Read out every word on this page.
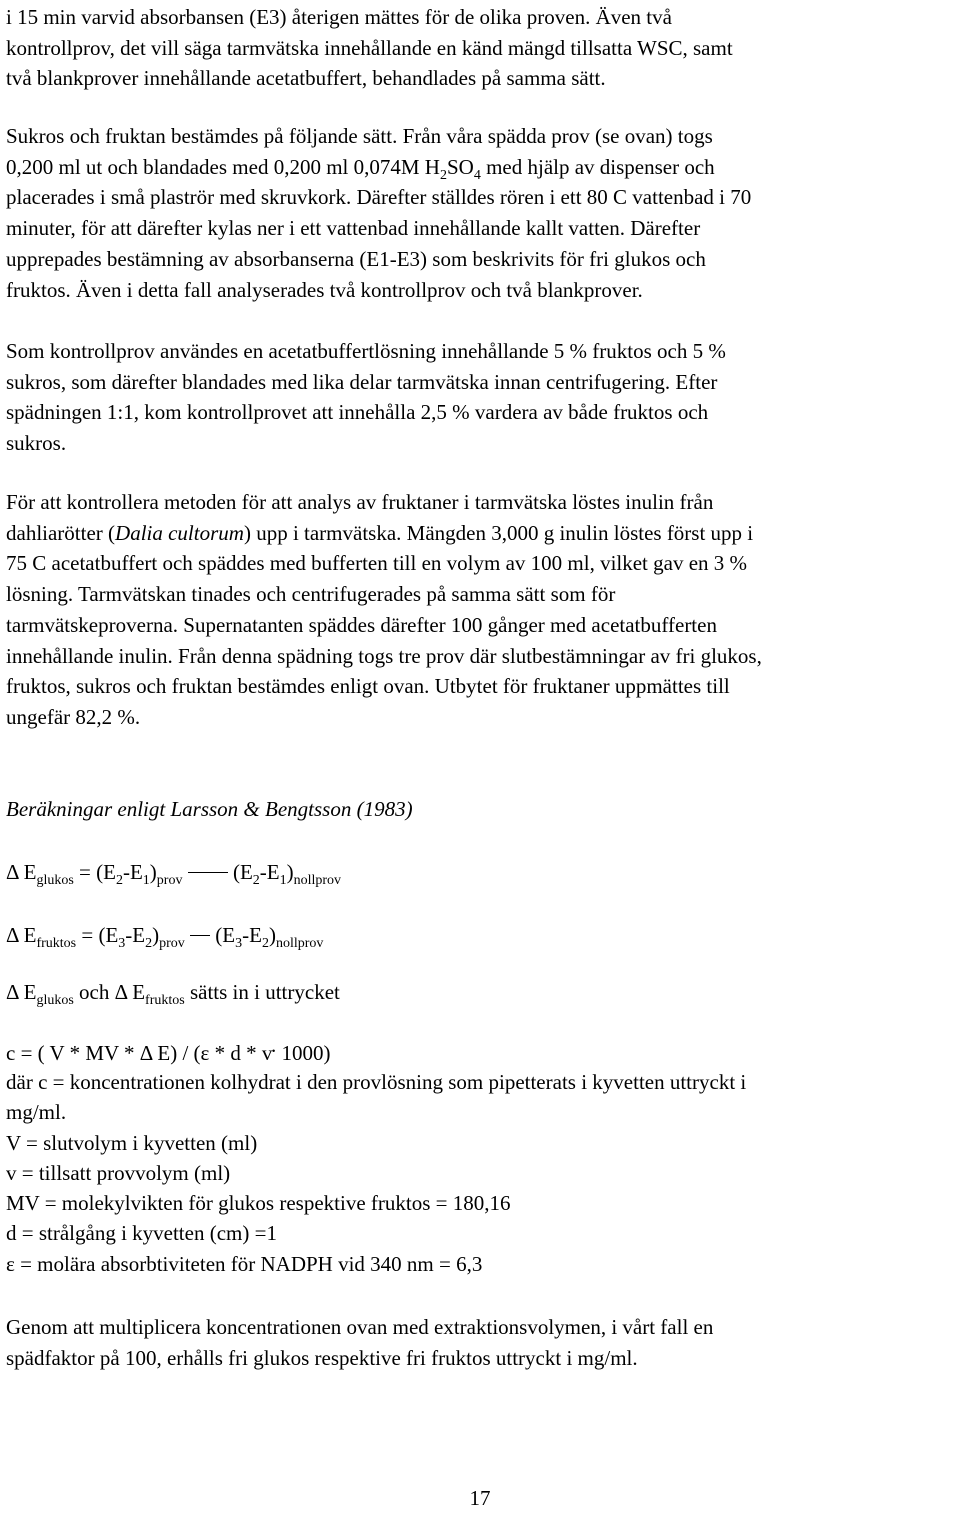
i 15 min varvid absorbansen (E3) återigen mättes för de olika proven. Även två
kontrollprov, det vill säga tarmvätska innehållande en känd mängd tillsatta WSC, samt
två blankprover innehållande acetatbuffert, behandlades på samma sätt.

Sukros och fruktan bestämdes på följande sätt. Från våra spädda prov (se ovan) togs
0,200 ml ut och blandades med 0,200 ml 0,074M $H_2SO_4$ med hjälp av dispenser och
placerades i små plaströr med skruvkork. Därefter ställdes rören i ett 80 C vattenbad i 70
minuter, för att därefter kylas ner i ett vattenbad innehållande kallt vatten. Därefter
upprepades bestämning av absorbanserna (E1-E3) som beskrivits för fri glukos och
fruktos. Även i detta fall analyserades två kontrollprov och två blankprover.

Som kontrollprov användes en acetatbuffertlösning innehållande 5 % fruktos och 5 %
sukros, som därefter blandades med lika delar tarmvätska innan centrifugering. Efter
spädningen 1:1, kom kontrollprovet att innehålla 2,5 % vardera av både fruktos och
sukros.

För att kontrollera metoden för att analys av fruktaner i tarmvätska löstes inulin från
dahliarötter (Dalia cultorum) upp i tarmvätska. Mängden 3,000 g inulin löstes först upp i
75 C acetatbuffert och späddes med bufferten till en volym av 100 ml, vilket gav en 3 %
lösning. Tarmvätskan tinades och centrifugerades på samma sätt som för
tarmvätskeproverna. Supernatanten späddes därefter 100 gånger med acetatbufferten
innehållande inulin. Från denna spädning togs tre prov där slutbestämningar av fri glukos,
fruktos, sukros och fruktan bestämdes enligt ovan. Utbytet för fruktaner uppmättes till
ungefär 82,2 %.

Beräkningar enligt Larsson & Bengtsson (1983)

Δ $E_{glukos} = (E_2-E_1)_{prov}$  $(E_2-E_1)_{nollprov}$

Δ $E_{fruktos} = (E_3-E_2)_{prov}$  $(E_3-E_2)_{nollprov}$

Δ $E_{glukos}$ och Δ $E_{fruktos}$ sätts in i uttrycket

c = ( V * MV * Δ E) / (ε * d * v. 1000)

där c = koncentrationen kolhydrat i den provlösning som pipetterats i kyvetten uttryckt i
mg/ml.
V = slutvolym i kyvetten (ml)
v = tillsatt provvolym (ml)
MV = molekylvikten för glukos respektive fruktos = 180,16
d = strålgång i kyvetten (cm) =1
ε = molära absorbtiviteten för NADPH vid 340 nm = 6,3

Genom att multiplicera koncentrationen ovan med extraktionsvolymen, i vårt fall en
spädfaktor på 100, erhålls fri glukos respektive fri fruktos uttryckt i mg/ml.

17
